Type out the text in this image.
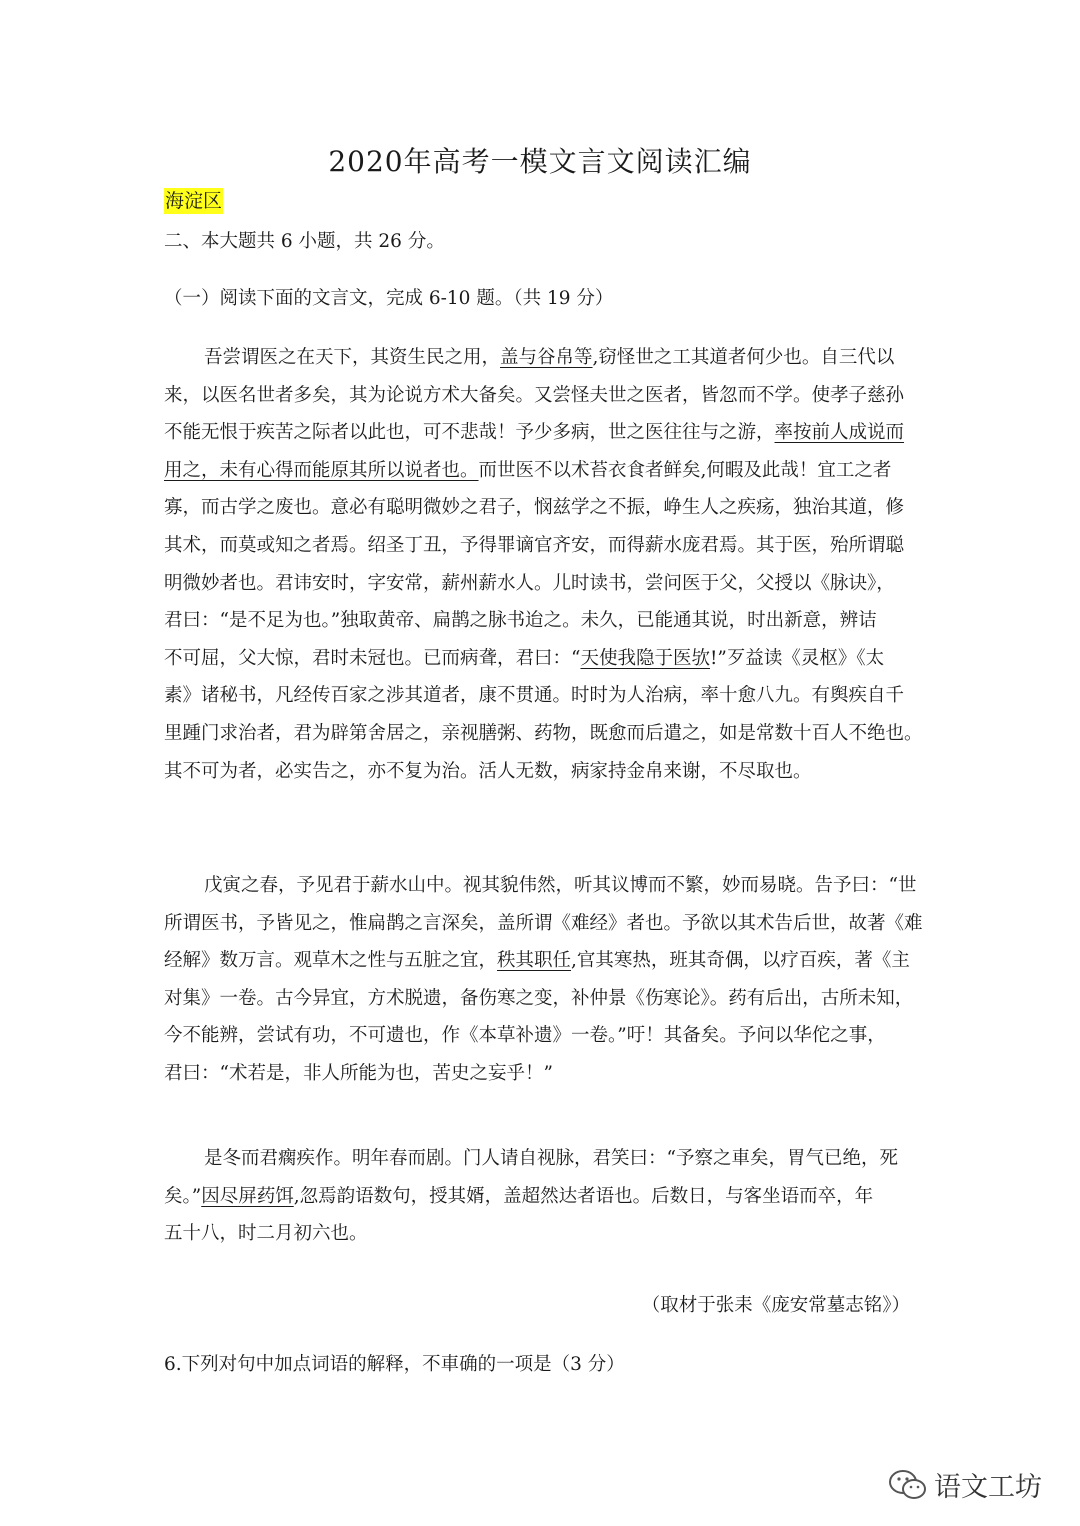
2020年高考一模文言文阅读汇编
海淀区
二、本大题共 6 小题，共 26 分。
（一）阅读下面的文言文，完成 6-10 题。（共 19 分）
吾尝谓医之在天下，其资生民之用，盖与谷帛等,窃怪世之工其道者何少也。自三代以
来，以医名世者多矣，其为论说方术大备矣。又尝怪夫世之医者，皆忽而不学。使孝子慈孙
不能无恨于疾苦之际者以此也，可不悲哉！予少多病，世之医往往与之游，率按前人成说而
用之，未有心得而能原其所以说者也。而世医不以术苔衣食者鲜矣,何暇及此哉！宜工之者
寡，而古学之废也。意必有聪明微妙之君子，悯兹学之不振，峥生人之疾疡，独治其道，修
其术，而莫或知之者焉。绍圣丁丑，予得罪谪官齐安，而得薪水庞君焉。其于医，殆所谓聪
明微妙者也。君讳安时，字安常，薪州薪水人。儿时读书，尝问医于父，父授以《脉诀》，
君曰：“是不足为也。”独取黄帝、扁鹊之脉书迨之。未久，已能通其说，时出新意，辨诘
不可屈，父大惊，君时未冠也。已而病聋，君曰：“天使我隐于医欤!”歹益读《灵枢》《太
素》诸秘书，凡经传百家之涉其道者，康不贯通。时时为人治病，率十愈八九。有舆疾自千
里踵门求治者，君为辟第舍居之，亲视膳粥、药物，既愈而后遣之，如是常数十百人不绝也。
其不可为者，必实告之，亦不复为治。活人无数，病家持金帛来谢，不尽取也。
戊寅之春，予见君于薪水山中。视其貌伟然，听其议博而不繁，妙而易晓。告予曰：“世
所谓医书，予皆见之，惟扁鹊之言深矣，盖所谓《难经》者也。予欲以其术告后世，故著《难
经解》数万言。观草木之性与五脏之宜，秩其职任,官其寒热，班其奇偶，以疗百疾，著《主
对集》一卷。古今异宜，方术脱遗，备伤寒之变，补仲景《伤寒论》。药有后出，古所未知，
今不能辨，尝试有功，不可遗也，作《本草补遗》一卷。”吁！其备矣。予问以华佗之事，
君曰：“术若是，非人所能为也，苦史之妄乎！”
是冬而君瘸疾作。明年春而剧。门人请自视脉，君笑曰：“予察之車矣，胃气已绝，死
矣。”因尽屏药饵,忽焉韵语数句，授其婿，盖超然达者语也。后数日，与客坐语而卒，年
五十八，时二月初六也。
（取材于张耒《庞安常墓志铭》）
6.下列对句中加点词语的解释，不車确的一项是（3 分）
语文工坊
